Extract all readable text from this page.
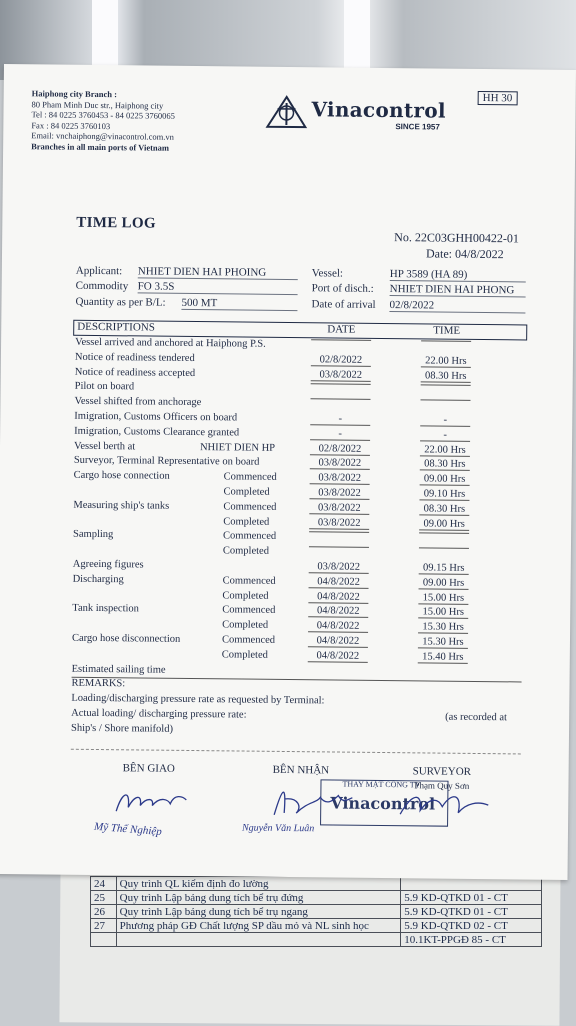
24	Quy trình QL kiểm định đo lường	
25	Quy trình Lập bảng dung tích bể trụ đứng	5.9 KD-QTKD 01 - CT
26	Quy trình Lập bảng dung tích bể trụ ngang	5.9 KD-QTKD 01 - CT
27	Phương pháp GĐ Chất lượng SP dầu mỏ và NL sinh học	5.9 KD-QTKD 02 - CT
		10.1KT-PPGĐ 85 - CT
Haiphong city Branch :
80 Pham Minh Duc str., Haiphong city
Tel : 84 0225 3760453 - 84 0225 3760065
Fax : 84 0225 3760103
Email: vnchaiphong@vinacontrol.com.vn
Branches in all main ports of Vietnam
Vinacontrol
SINCE 1957
HH 30
TIME LOG
No. 22C03GHH00422-01
Date: 04/8/2022
Applicant: NHIET DIEN HAI PHOING
Commodity FO 3.5S
Quantity as per B/L: 500 MT
Vessel:	HP 3589 (HA 89)
Port of disch.: NHIET DIEN HAI PHONG
Date of arrival 02/8/2022
DESCRIPTIONS	DATE	TIME
Vessel arrived and anchored at Haiphong P.S.
Notice of readiness tendered	02/8/2022	22.00 Hrs
Notice of readiness accepted	03/8/2022	08.30 Hrs
Pilot on board
Vessel shifted from anchorage
Imigration, Customs Officers on board	-	-
Imigration, Customs Clearance granted	-	-
Vessel berth at	NHIET DIEN HP	02/8/2022	22.00 Hrs
Surveyor, Terminal Representative on board	03/8/2022	08.30 Hrs
Cargo hose connection	Commenced	03/8/2022	09.00 Hrs
Completed	03/8/2022	09.10 Hrs
Measuring ship's tanks	Commenced	03/8/2022	08.30 Hrs
Completed	03/8/2022	09.00 Hrs
Sampling	Commenced
Completed
Agreeing figures	03/8/2022	09.15 Hrs
Discharging	Commenced	04/8/2022	09.00 Hrs
Completed	04/8/2022	15.00 Hrs
Tank inspection	Commenced	04/8/2022	15.00 Hrs
Completed	04/8/2022	15.30 Hrs
Cargo hose disconnection	Commenced	04/8/2022	15.30 Hrs
Completed	04/8/2022	15.40 Hrs
Estimated sailing time
REMARKS:
Loading/discharging pressure rate as requested by Terminal:
Actual loading/ discharging pressure rate:	(as recorded at
Ship's / Shore manifold)
BÊN GIAO	BÊN NHẬN	SURVEYOR
THAY MẶT CÔNG TY
Phạm Quy Sơn
Vinacontrol
Mỹ Thế Nghiệp	Nguyễn Văn Luân
